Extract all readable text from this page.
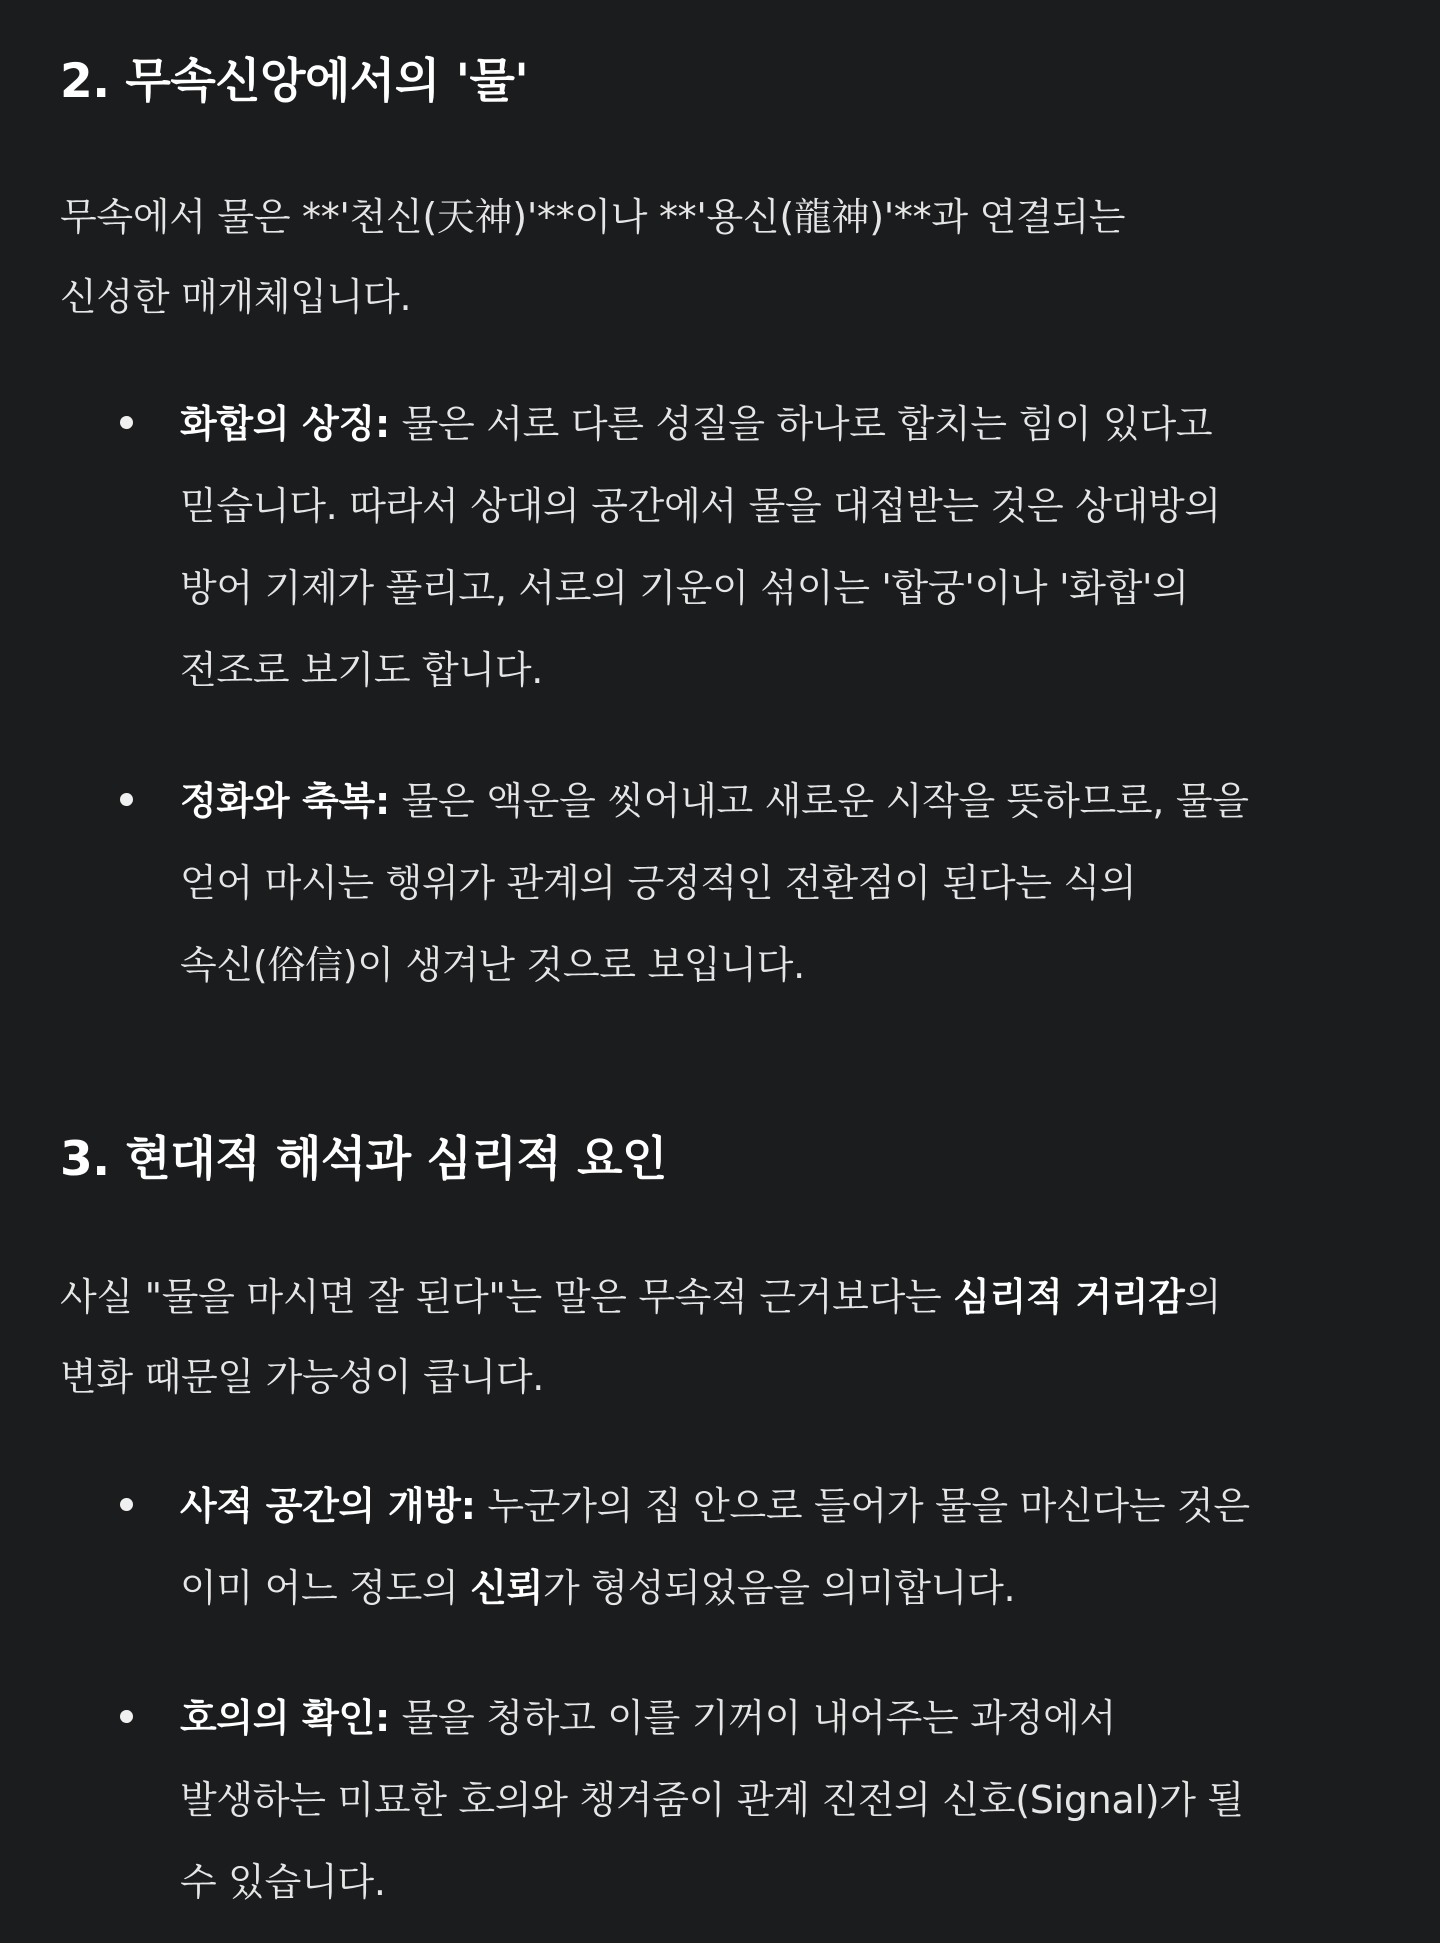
2. 무속신앙에서의 '물'
무속에서 물은 **'천신(天神)'**이나 **'용신(龍神)'**과 연결되는
신성한 매개체입니다.
화합의 상징: 물은 서로 다른 성질을 하나로 합치는 힘이 있다고
믿습니다. 따라서 상대의 공간에서 물을 대접받는 것은 상대방의
방어 기제가 풀리고, 서로의 기운이 섞이는 '합궁'이나 '화합'의
전조로 보기도 합니다.
정화와 축복: 물은 액운을 씻어내고 새로운 시작을 뜻하므로, 물을
얻어 마시는 행위가 관계의 긍정적인 전환점이 된다는 식의
속신(俗信)이 생겨난 것으로 보입니다.
3. 현대적 해석과 심리적 요인
사실 "물을 마시면 잘 된다"는 말은 무속적 근거보다는 심리적 거리감의
변화 때문일 가능성이 큽니다.
사적 공간의 개방: 누군가의 집 안으로 들어가 물을 마신다는 것은
이미 어느 정도의 신뢰가 형성되었음을 의미합니다.
호의의 확인: 물을 청하고 이를 기꺼이 내어주는 과정에서
발생하는 미묘한 호의와 챙겨줌이 관계 진전의 신호(Signal)가 될
수 있습니다.
